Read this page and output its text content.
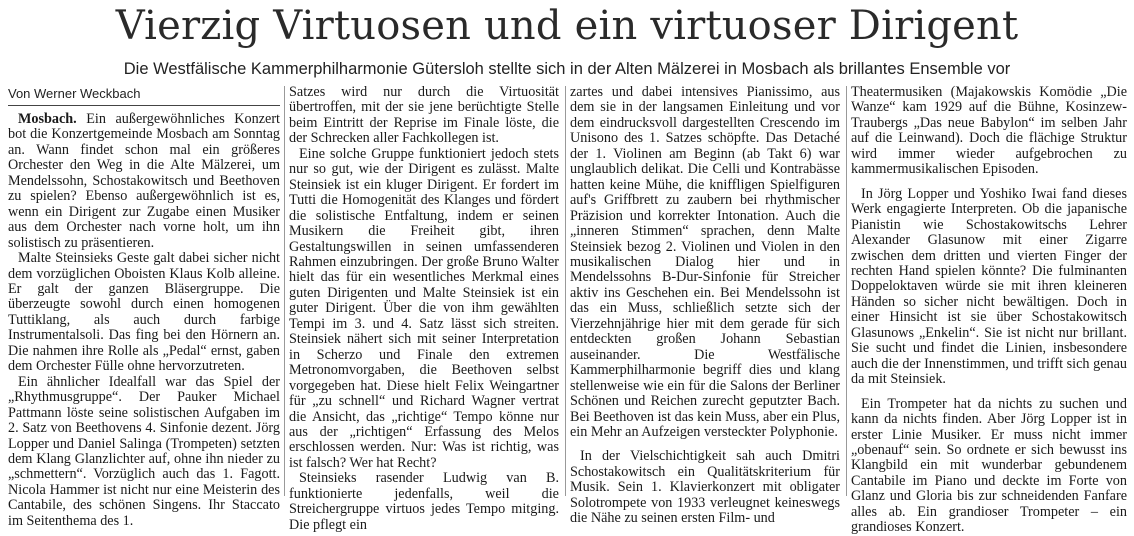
Vierzig Virtuosen und ein virtuoser Dirigent
Die Westfälische Kammerphilharmonie Gütersloh stellte sich in der Alten Mälzerei in Mosbach als brillantes Ensemble vor
Von Werner Weckbach

Mosbach. Ein außergewöhnliches Konzert bot die Konzertgemeinde Mosbach am Sonntag an. Wann findet schon mal ein größeres Orchester den Weg in die Alte Mälzerei, um Mendelssohn, Schostakowitsch und Beethoven zu spielen? Ebenso außergewöhnlich ist es, wenn ein Dirigent zur Zugabe einen Musiker aus dem Orchester nach vorne holt, um ihn solistisch zu präsentieren.

Malte Steinsieks Geste galt dabei sicher nicht dem vorzüglichen Oboisten Klaus Kolb alleine. Er galt der ganzen Bläsergruppe. Die überzeugte sowohl durch einen homogenen Tuttiklang, als auch durch farbige Instrumentalsoli. Das fing bei den Hörnern an. Die nahmen ihre Rolle als „Pedal“ ernst, gaben dem Orchester Fülle ohne hervorzutreten.

Ein ähnlicher Idealfall war das Spiel der „Rhythmusgruppe“. Der Pauker Michael Pattmann löste seine solistischen Aufgaben im 2. Satz von Beethovens 4. Sinfonie dezent. Jörg Lopper und Daniel Salinga (Trompeten) setzten dem Klang Glanzlichter auf, ohne ihn nieder zu „schmettern“. Vorzüglich auch das 1. Fagott. Nicola Hammer ist nicht nur eine Meisterin des Cantabile, des schönen Singens. Ihr Staccato im Seitenthema des 1.

Satzes wird nur durch die Virtuosität übertroffen, mit der sie jene berüchtigte Stelle beim Eintritt der Reprise im Finale löste, die der Schrecken aller Fachkollegen ist.

Eine solche Gruppe funktioniert jedoch stets nur so gut, wie der Dirigent es zulässt. Malte Steinsiek ist ein kluger Dirigent. Er fordert im Tutti die Homogenität des Klanges und fördert die solistische Entfaltung, indem er seinen Musikern die Freiheit gibt, ihren Gestaltungswillen in seinen umfassenderen Rahmen einzubringen. Der große Bruno Walter hielt das für ein wesentliches Merkmal eines guten Dirigenten und Malte Steinsiek ist ein guter Dirigent. Über die von ihm gewählten Tempi im 3. und 4. Satz lässt sich streiten. Steinsiek nähert sich mit seiner Interpretation in Scherzo und Finale den extremen Metronomvorgaben, die Beethoven selbst vorgegeben hat. Diese hielt Felix Weingartner für „zu schnell“ und Richard Wagner vertrat die Ansicht, das „richtige“ Tempo könne nur aus der „richtigen“ Erfassung des Melos erschlossen werden. Nur: Was ist richtig, was ist falsch? Wer hat Recht?

Steinsieks rasender Ludwig van B. funktionierte jedenfalls, weil die Streichergruppe virtuos jedes Tempo mitging. Die pflegt ein

zartes und dabei intensives Pianissimo, aus dem sie in der langsamen Einleitung und vor dem eindrucksvoll dargestellten Crescendo im Unisono des 1. Satzes schöpfte. Das Detaché der 1. Violinen am Beginn (ab Takt 6) war unglaublich delikat. Die Celli und Kontrabässe hatten keine Mühe, die kniffligen Spielfiguren auf's Griffbrett zu zaubern bei rhythmischer Präzision und korrekter Intonation. Auch die „inneren Stimmen“ sprachen, denn Malte Steinsiek bezog 2. Violinen und Violen in den musikalischen Dialog hier und in Mendelssohns B-Dur-Sinfonie für Streicher aktiv ins Geschehen ein. Bei Mendelssohn ist das ein Muss, schließlich setzte sich der Vierzehnjährige hier mit dem gerade für sich entdeckten großen Johann Sebastian auseinander. Die Westfälische Kammerphilharmonie begriff dies und klang stellenweise wie ein für die Salons der Berliner Schönen und Reichen zurecht geputzter Bach. Bei Beethoven ist das kein Muss, aber ein Plus, ein Mehr an Aufzeigen versteckter Polyphonie.

In der Vielschichtigkeit sah auch Dmitri Schostakowitsch ein Qualitätskriterium für Musik. Sein 1. Klavierkonzert mit obligater Solotrompete von 1933 verleugnet keineswegs die Nähe zu seinen ersten Film- und

Theatermusiken (Majakowskis Komödie „Die Wanze“ kam 1929 auf die Bühne, Kosinzew-Traubergs „Das neue Babylon“ im selben Jahr auf die Leinwand). Doch die flächige Struktur wird immer wieder aufgebrochen zu kammermusikalischen Episoden.

In Jörg Lopper und Yoshiko Iwai fand dieses Werk engagierte Interpreten. Ob die japanische Pianistin wie Schostakowitschs Lehrer Alexander Glasunow mit einer Zigarre zwischen dem dritten und vierten Finger der rechten Hand spielen könnte? Die fulminanten Doppeloktaven würde sie mit ihren kleineren Händen so sicher nicht bewältigen. Doch in einer Hinsicht ist sie über Schostakowitsch Glasunows „Enkelin“. Sie ist nicht nur brillant. Sie sucht und findet die Linien, insbesondere auch die der Innenstimmen, und trifft sich genau da mit Steinsiek.

Ein Trompeter hat da nichts zu suchen und kann da nichts finden. Aber Jörg Lopper ist in erster Linie Musiker. Er muss nicht immer „obenauf“ sein. So ordnete er sich bewusst ins Klangbild ein mit wunderbar gebundenem Cantabile im Piano und deckte im Forte von Glanz und Gloria bis zur schneidenden Fanfare alles ab. Ein grandioser Trompeter – ein grandioses Konzert.
